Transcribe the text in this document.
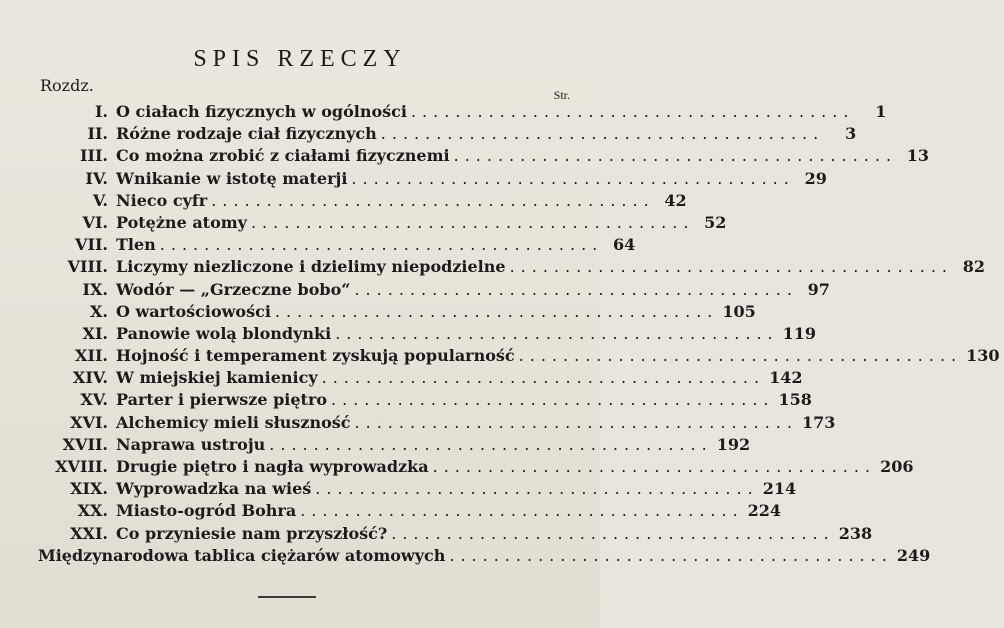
SPIS RZECZY
Rozdz.	Str.
I. O ciałach fizycznych w ogólności ........................................	1
II. Różne rodzaje ciał fizycznych ........................................	3
III. Co można zrobić z ciałami fizycznemi ........................................ 13
IV. Wnikanie w istotę materji ........................................ 29
V. Nieco cyfr ........................................ 42
VI. Potężne atomy ........................................ 52
VII. Tlen ........................................ 64
VIII. Liczymy niezliczone i dzielimy niepodzielne ........................................ 82
IX. Wodór — „Grzeczne bobo“ ........................................ 97
X. O wartościowości ........................................ 105
XI. Panowie wolą blondynki ........................................ 119
XII. Hojność i temperament zyskują popularność ........................................ 130
XIV. W miejskiej kamienicy ........................................ 142
XV. Parter i pierwsze piętro ........................................ 158
XVI. Alchemicy mieli słuszność ........................................ 173
XVII. Naprawa ustroju ........................................ 192
XVIII. Drugie piętro i nagła wyprowadzka ........................................ 206
XIX. Wyprowadzka na wieś ........................................ 214
XX. Miasto-ogród Bohra ........................................ 224
XXI. Co przyniesie nam przyszłość? ........................................ 238
Międzynarodowa tablica ciężarów atomowych ........................................ 249
